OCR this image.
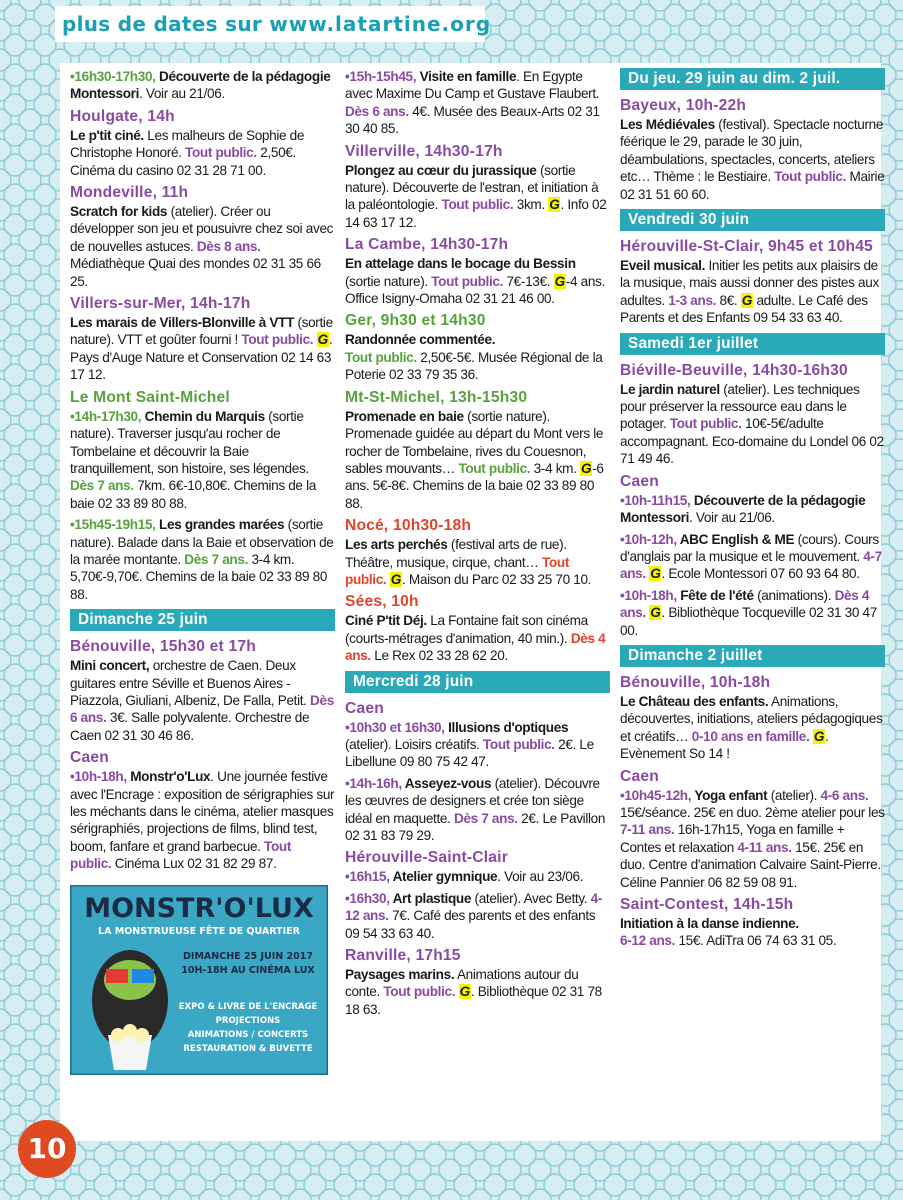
plus de dates sur www.latartine.org
•16h30-17h30, Découverte de la pédagogie Montessori. Voir au 21/06.
Houlgate, 14h
Le p'tit ciné. Les malheurs de Sophie de Christophe Honoré. Tout public. 2,50€. Cinéma du casino 02 31 28 71 00.
Mondeville, 11h
Scratch for kids (atelier). Créer ou développer son jeu et pousuivre chez soi avec de nouvelles astuces. Dès 8 ans. Médiathèque Quai des mondes 02 31 35 66 25.
Villers-sur-Mer, 14h-17h
Les marais de Villers-Blonville à VTT (sortie nature). VTT et goûter fourni ! Tout public. G. Pays d'Auge Nature et Conservation 02 14 63 17 12.
Le Mont Saint-Michel
•14h-17h30, Chemin du Marquis (sortie nature). Traverser jusqu'au rocher de Tombelaine et découvrir la Baie tranquillement, son histoire, ses légendes. Dès 7 ans. 7km. 6€-10,80€. Chemins de la baie 02 33 89 80 88.
•15h45-19h15, Les grandes marées (sortie nature). Balade dans la Baie et observation de la marée montante. Dès 7 ans. 3-4 km. 5,70€-9,70€. Chemins de la baie 02 33 89 80 88.
Dimanche 25 juin
Bénouville, 15h30 et 17h
Mini concert, orchestre de Caen. Deux guitares entre Séville et Buenos Aires - Piazzola, Giuliani, Albeniz, De Falla, Petit. Dès 6 ans. 3€. Salle polyvalente. Orchestre de Caen 02 31 30 46 86.
Caen
•10h-18h, Monstr'o'Lux. Une journée festive avec l'Encrage : exposition de sérigraphies sur les méchants dans le cinéma, atelier masques sérigraphiés, projections de films, blind test, boom, fanfare et grand barbecue. Tout public. Cinéma Lux 02 31 82 29 87.
MONSTR'O'LUX
LA MONSTRUEUSE FÊTE DE QUARTIER
DIMANCHE 25 JUIN 2017
10H-18H AU CINÉMA LUX
EXPO & LIVRE DE L'ENCRAGE
PROJECTIONS
ANIMATIONS / CONCERTS
RESTAURATION & BUVETTE
•15h-15h45, Visite en famille. En Egypte avec Maxime Du Camp et Gustave Flaubert. Dès 6 ans. 4€. Musée des Beaux-Arts 02 31 30 40 85.
Villerville, 14h30-17h
Plongez au cœur du jurassique (sortie nature). Découverte de l'estran, et initiation à la paléontologie. Tout public. 3km. G. Info 02 14 63 17 12.
La Cambe, 14h30-17h
En attelage dans le bocage du Bessin (sortie nature). Tout public. 7€-13€. G-4 ans. Office Isigny-Omaha 02 31 21 46 00.
Ger, 9h30 et 14h30
Randonnée commentée.
Tout public. 2,50€-5€. Musée Régional de la Poterie 02 33 79 35 36.
Mt-St-Michel, 13h-15h30
Promenade en baie (sortie nature). Promenade guidée au départ du Mont vers le rocher de Tombelaine, rives du Couesnon, sables mouvants… Tout public. 3-4 km. G-6 ans. 5€-8€. Chemins de la baie 02 33 89 80 88.
Nocé, 10h30-18h
Les arts perchés (festival arts de rue). Théâtre, musique, cirque, chant… Tout public. G. Maison du Parc 02 33 25 70 10.
Sées, 10h
Ciné P'tit Déj. La Fontaine fait son cinéma (courts-métrages d'animation, 40 min.). Dès 4 ans. Le Rex 02 33 28 62 20.
Mercredi 28 juin
Caen
•10h30 et 16h30, Illusions d'optiques (atelier). Loisirs créatifs. Tout public. 2€. Le Libellune 09 80 75 42 47.
•14h-16h, Asseyez-vous (atelier). Découvre les œuvres de designers et crée ton siège idéal en maquette. Dès 7 ans. 2€. Le Pavillon 02 31 83 79 29.
Hérouville-Saint-Clair
•16h15, Atelier gymnique. Voir au 23/06.
•16h30, Art plastique (atelier). Avec Betty. 4-12 ans. 7€. Café des parents et des enfants 09 54 33 63 40.
Ranville, 17h15
Paysages marins. Animations autour du conte. Tout public. G. Bibliothèque 02 31 78 18 63.
Du jeu. 29 juin au dim. 2 juil.
Bayeux, 10h-22h
Les Médiévales (festival). Spectacle nocturne féérique le 29, parade le 30 juin, déambulations, spectacles, concerts, ateliers etc… Thème : le Bestiaire. Tout public. Mairie 02 31 51 60 60.
Vendredi 30 juin
Hérouville-St-Clair, 9h45 et 10h45
Eveil musical. Initier les petits aux plaisirs de la musique, mais aussi donner des pistes aux adultes. 1-3 ans. 8€. G adulte. Le Café des Parents et des Enfants 09 54 33 63 40.
Samedi 1er juillet
Biéville-Beuville, 14h30-16h30
Le jardin naturel (atelier). Les techniques pour préserver la ressource eau dans le potager. Tout public. 10€-5€/adulte accompagnant. Eco-domaine du Londel 06 02 71 49 46.
Caen
•10h-11h15, Découverte de la pédagogie Montessori. Voir au 21/06.
•10h-12h, ABC English & ME (cours). Cours d'anglais par la musique et le mouvement. 4-7 ans. G. Ecole Montessori 07 60 93 64 80.
•10h-18h, Fête de l'été (animations). Dès 4 ans. G. Bibliothèque Tocqueville 02 31 30 47 00.
Dimanche 2 juillet
Bénouville, 10h-18h
Le Château des enfants. Animations, découvertes, initiations, ateliers pédagogiques et créatifs… 0-10 ans en famille. G. Evènement So 14 !
Caen
•10h45-12h, Yoga enfant (atelier). 4-6 ans. 15€/séance. 25€ en duo. 2ème atelier pour les 7-11 ans. 16h-17h15, Yoga en famille + Contes et relaxation 4-11 ans. 15€. 25€ en duo. Centre d'animation Calvaire Saint-Pierre. Céline Pannier 06 82 59 08 91.
Saint-Contest, 14h-15h
Initiation à la danse indienne.
6-12 ans. 15€. AdiTra 06 74 63 31 05.
10
